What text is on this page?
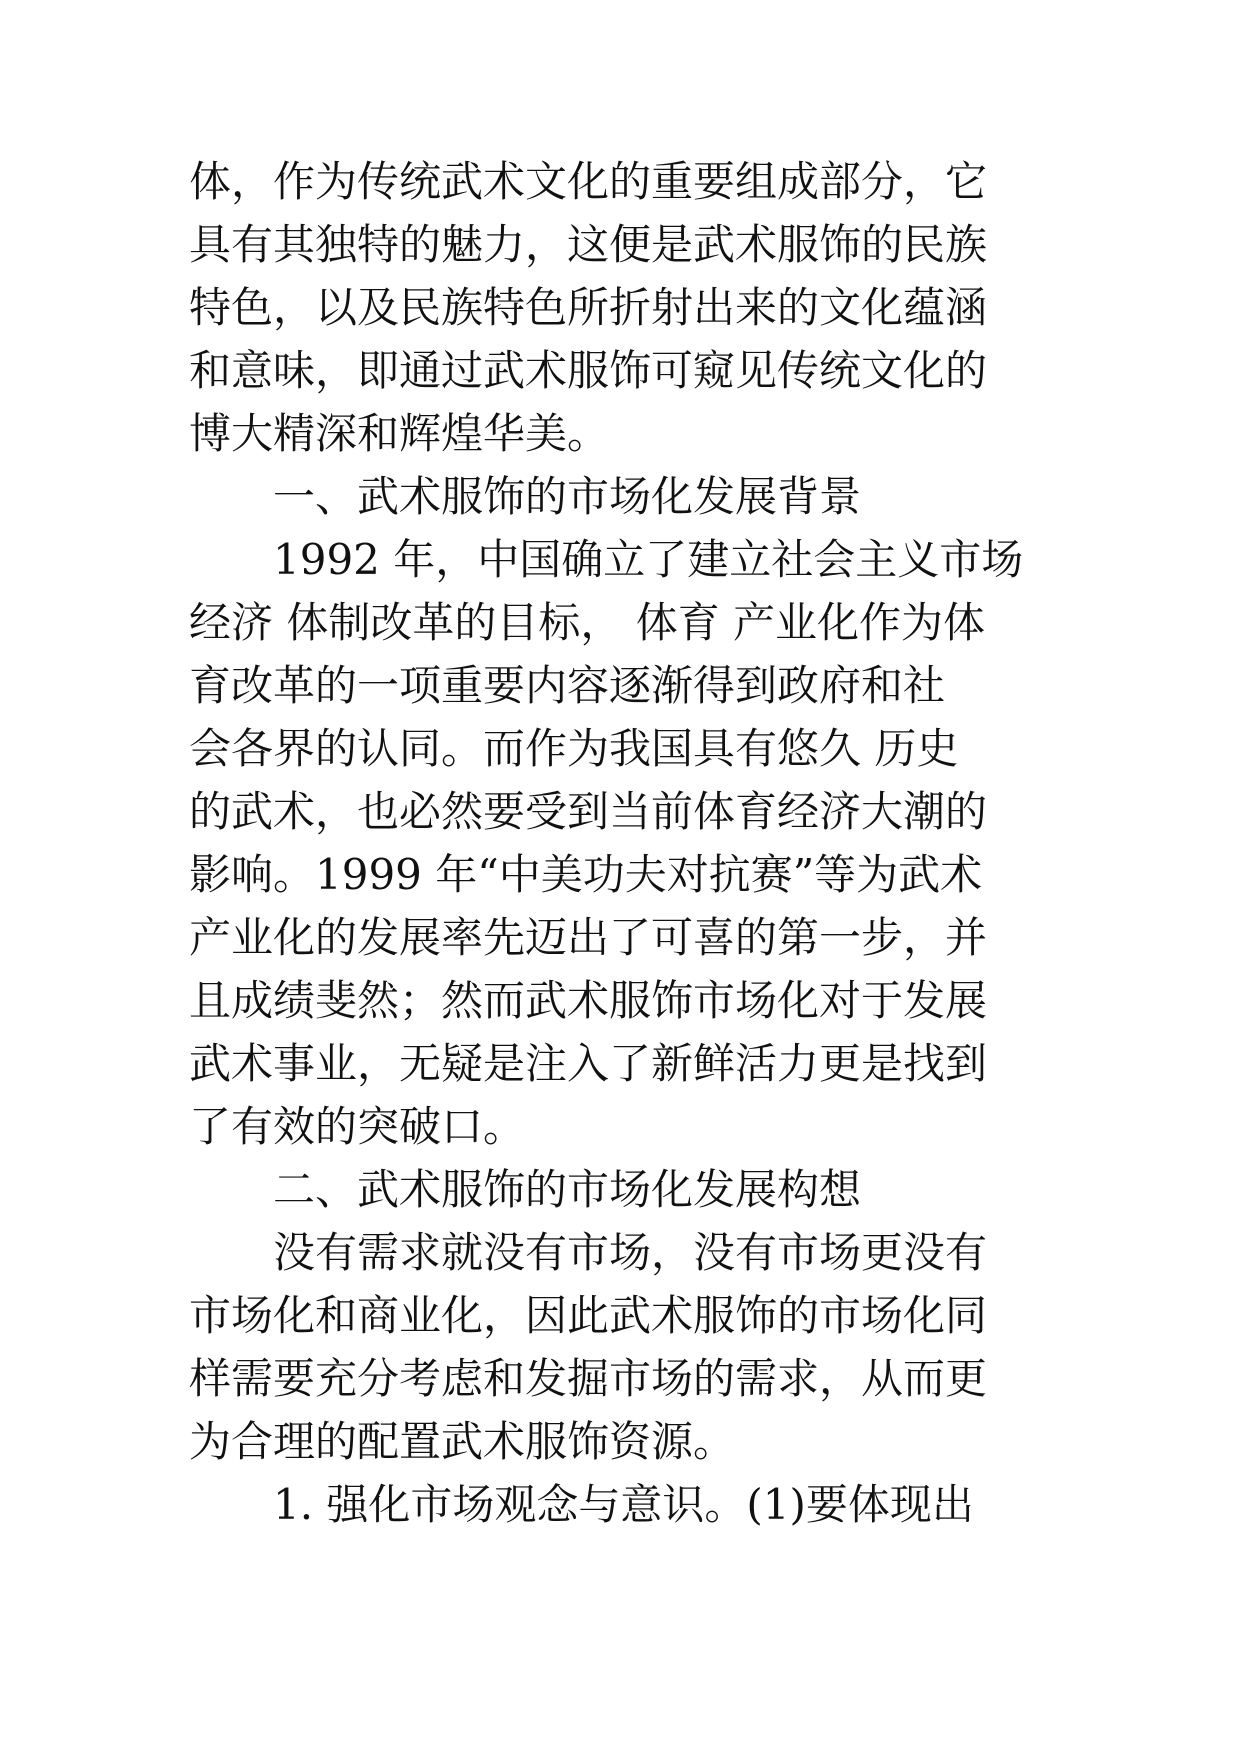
体，作为传统武术文化的重要组成部分，它
具有其独特的魅力，这便是武术服饰的民族
特色，以及民族特色所折射出来的文化蕴涵
和意味，即通过武术服饰可窥见传统文化的
博大精深和辉煌华美。
　　一、武术服饰的市场化发展背景
　　1992 年，中国确立了建立社会主义市场
经济 体制改革的目标， 体育 产业化作为体
育改革的一项重要内容逐渐得到政府和社
会各界的认同。而作为我国具有悠久 历史
的武术，也必然要受到当前体育经济大潮的
影响。1999 年“中美功夫对抗赛”等为武术
产业化的发展率先迈出了可喜的第一步，并
且成绩斐然；然而武术服饰市场化对于发展
武术事业，无疑是注入了新鲜活力更是找到
了有效的突破口。
　　二、武术服饰的市场化发展构想
　　没有需求就没有市场，没有市场更没有
市场化和商业化，因此武术服饰的市场化同
样需要充分考虑和发掘市场的需求，从而更
为合理的配置武术服饰资源。
　　1. 强化市场观念与意识。(1)要体现出
